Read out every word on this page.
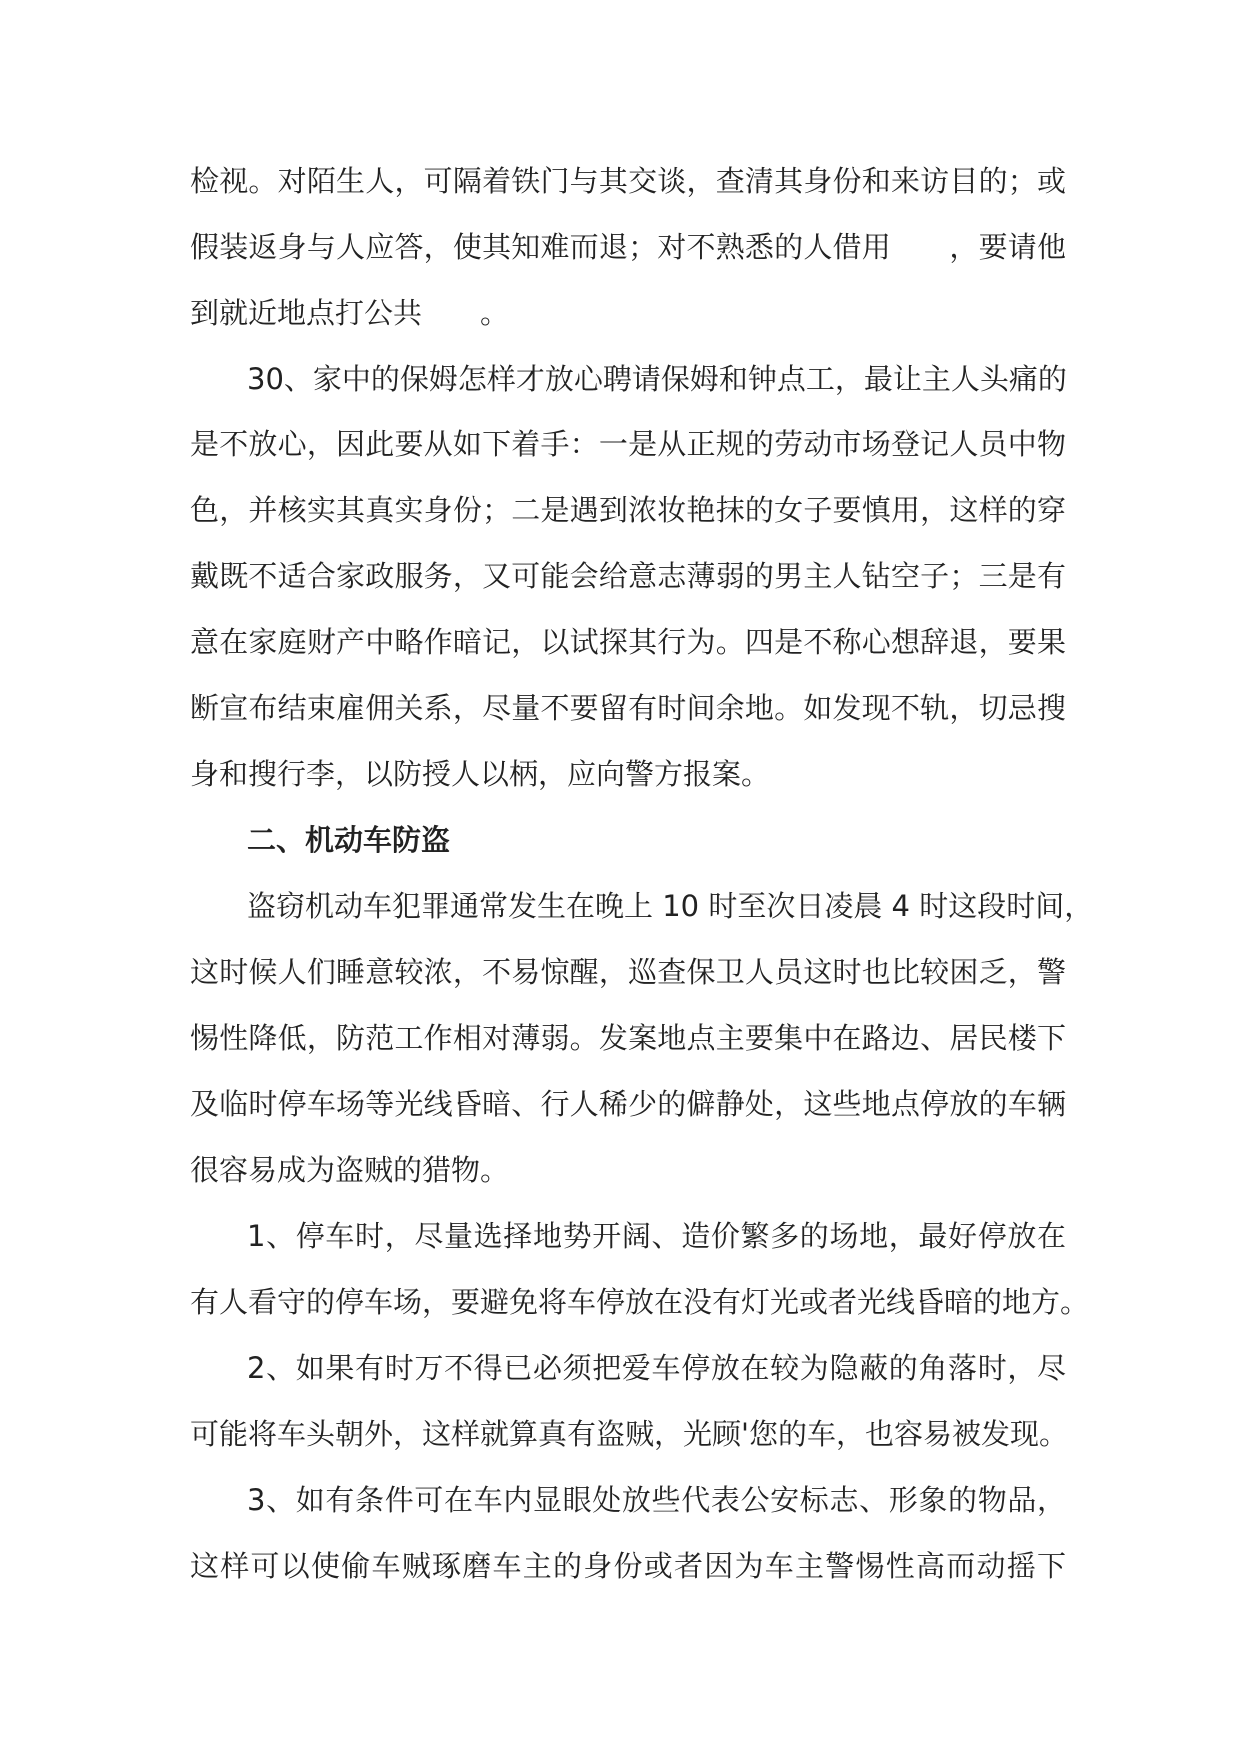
检视。对陌生人，可隔着铁门与其交谈，查清其身份和来访目的；或
假装返身与人应答，使其知难而退；对不熟悉的人借用　　，要请他
到就近地点打公共　　。
30、家中的保姆怎样才放心聘请保姆和钟点工，最让主人头痛的
是不放心，因此要从如下着手：一是从正规的劳动市场登记人员中物
色，并核实其真实身份；二是遇到浓妆艳抹的女子要慎用，这样的穿
戴既不适合家政服务，又可能会给意志薄弱的男主人钻空子；三是有
意在家庭财产中略作暗记，以试探其行为。四是不称心想辞退，要果
断宣布结束雇佣关系，尽量不要留有时间余地。如发现不轨，切忌搜
身和搜行李，以防授人以柄，应向警方报案。
二、机动车防盗
盗窃机动车犯罪通常发生在晚上 10 时至次日凌晨 4 时这段时间，
这时候人们睡意较浓，不易惊醒，巡查保卫人员这时也比较困乏，警
惕性降低，防范工作相对薄弱。发案地点主要集中在路边、居民楼下
及临时停车场等光线昏暗、行人稀少的僻静处，这些地点停放的车辆
很容易成为盗贼的猎物。
1、停车时，尽量选择地势开阔、造价繁多的场地，最好停放在
有人看守的停车场，要避免将车停放在没有灯光或者光线昏暗的地方。
2、如果有时万不得已必须把爱车停放在较为隐蔽的角落时，尽
可能将车头朝外，这样就算真有盗贼，光顾'您的车，也容易被发现。
3、如有条件可在车内显眼处放些代表公安标志、形象的物品，
这样可以使偷车贼琢磨车主的身份或者因为车主警惕性高而动摇下
